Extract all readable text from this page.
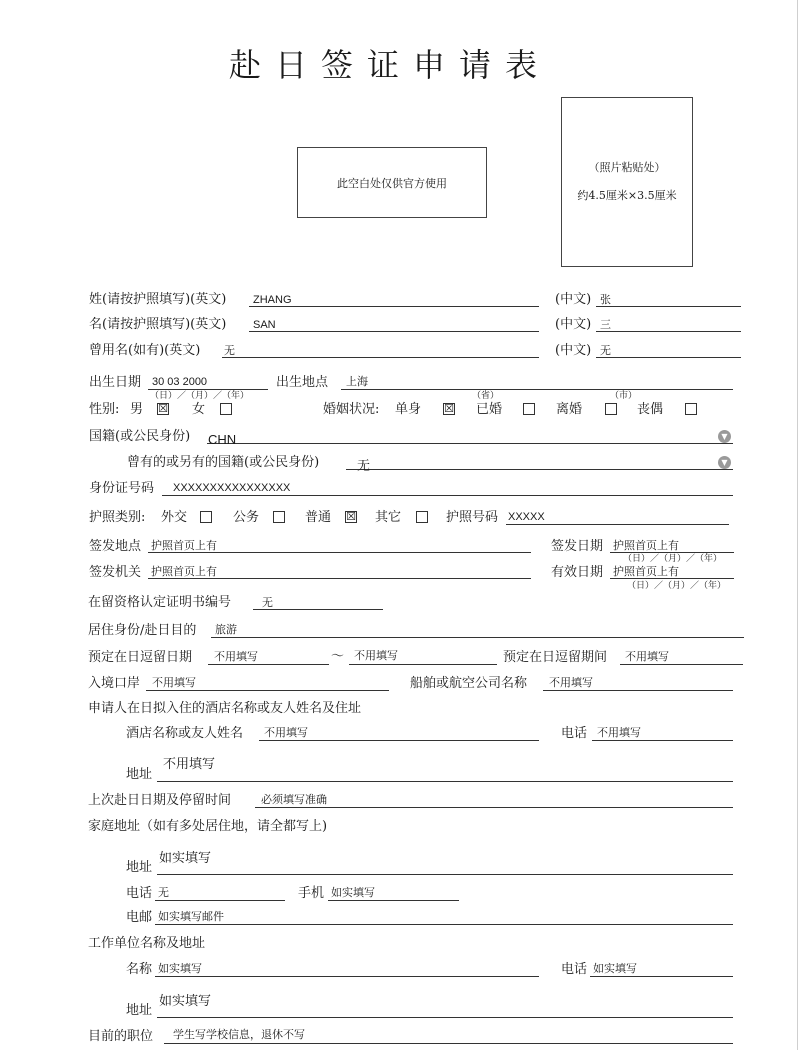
赴日签证申请表
此空白处仅供官方使用
（照片粘贴处）
约4.5厘米×3.5厘米
姓(请按护照填写)(英文) ZHANG	(中文) 张
名(请按护照填写)(英文) SAN	(中文) 三
曾用名(如有)(英文) 无	(中文) 无
出生日期 30 03 2000
（日）／（月）／（年）
出生地点 上海
（省）	（市）
性别: 男 ☒ 女	婚姻状况: 单身 ☒ 已婚	离婚	丧偶
国籍(或公民身份) CHN	▼
曾有的或另有的国籍(或公民身份)	无	▼
身份证号码 XXXXXXXXXXXXXXXX
护照类别: 外交	公务	普通 ☒ 其它	护照号码 XXXXX
签发地点 护照首页上有	签发日期 护照首页上有
（日）／（月）／（年）
签发机关 护照首页上有	有效日期 护照首页上有
（日）／（月）／（年）
在留资格认定证明书编号	无
居住身份/赴日目的 旅游
预定在日逗留日期 不用填写	～ 不用填写	预定在日逗留期间 不用填写
入境口岸 不用填写	船舶或航空公司名称 不用填写
申请人在日拟入住的酒店名称或友人姓名及住址
酒店名称或友人姓名 不用填写	电话 不用填写
地址
不用填写
上次赴日日期及停留时间	必须填写准确
家庭地址（如有多处居住地，请全都写上)
地址
如实填写
电话 无	手机 如实填写
电邮 如实填写邮件
工作单位名称及地址
名称 如实填写	电话 如实填写
地址
如实填写
目前的职位 学生写学校信息，退休不写
